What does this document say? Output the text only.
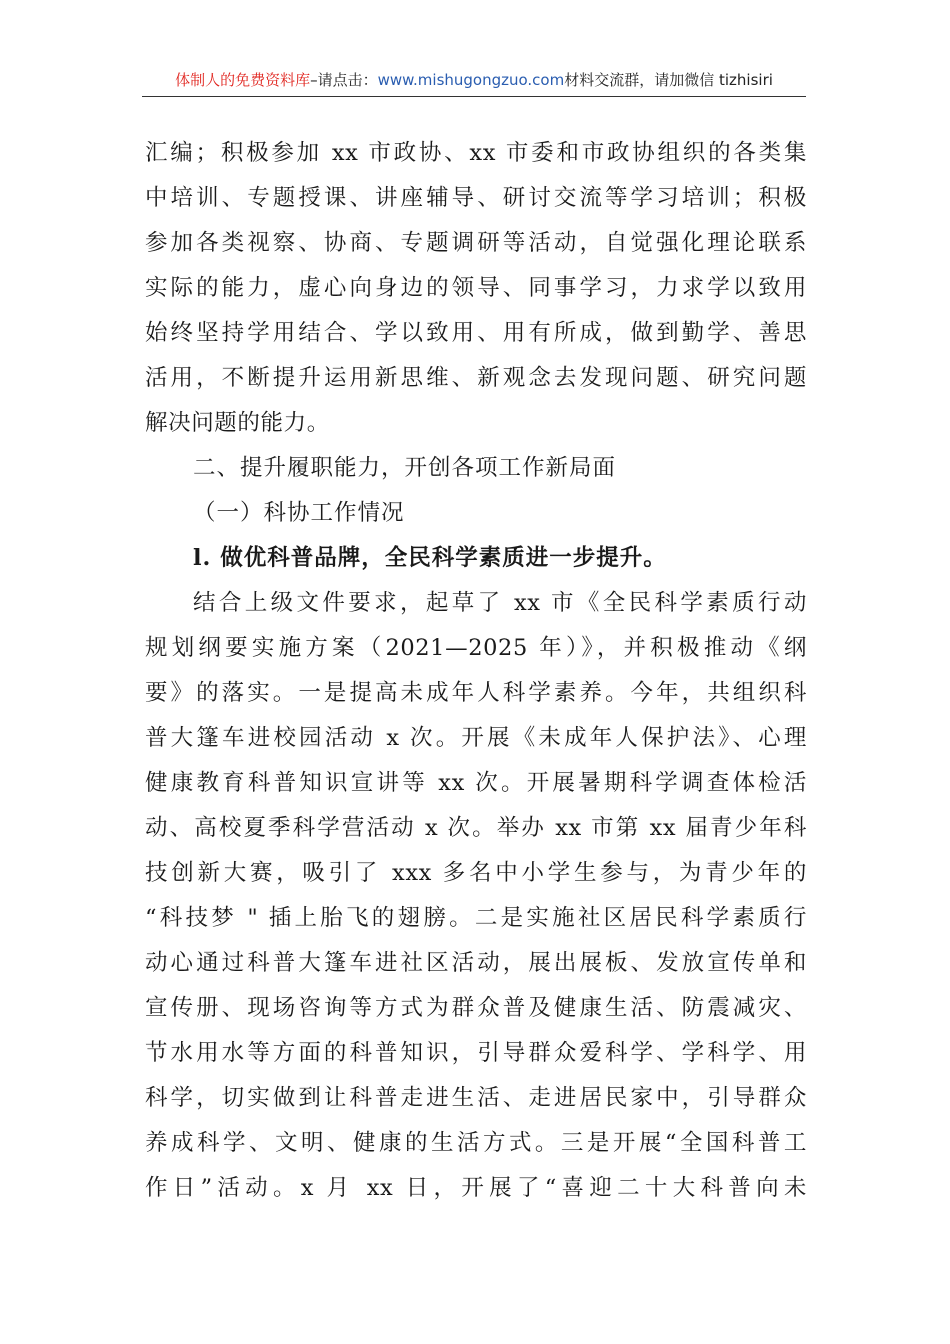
体制人的免费资料库–请点击：www.mishugongzuo.com材料交流群，请加微信 tizhisiri
汇编；积极参加 xx 市政协、xx 市委和市政协组织的各类集
中培训、专题授课、讲座辅导、研讨交流等学习培训；积极
参加各类视察、协商、专题调研等活动，自觉强化理论联系
实际的能力，虚心向身边的领导、同事学习，力求学以致用
始终坚持学用结合、学以致用、用有所成，做到勤学、善思
活用，不断提升运用新思维、新观念去发现问题、研究问题
解决问题的能力。
二、提升履职能力，开创各项工作新局面
（一）科协工作情况
l. 做优科普品牌，全民科学素质进一步提升。
结合上级文件要求，起草了 xx 市《全民科学素质行动
规划纲要实施方案（2021—2025 年）》，并积极推动《纲
要》的落实。一是提高未成年人科学素养。今年，共组织科
普大篷车进校园活动 x 次。开展《未成年人保护法》、心理
健康教育科普知识宣讲等 xx 次。开展暑期科学调查体检活
动、高校夏季科学营活动 x 次。举办 xx 市第 xx 届青少年科
技创新大赛，吸引了 xxx 多名中小学生参与，为青少年的
“科技梦 " 插上胎飞的翅膀。二是实施社区居民科学素质行
动心通过科普大篷车进社区活动，展出展板、发放宣传单和
宣传册、现场咨询等方式为群众普及健康生活、防震减灾、
节水用水等方面的科普知识，引导群众爱科学、学科学、用
科学，切实做到让科普走进生活、走进居民家中，引导群众
养成科学、文明、健康的生活方式。三是开展“全国科普工
作日”活动。x 月 xx 日，开展了“喜迎二十大科普向未
